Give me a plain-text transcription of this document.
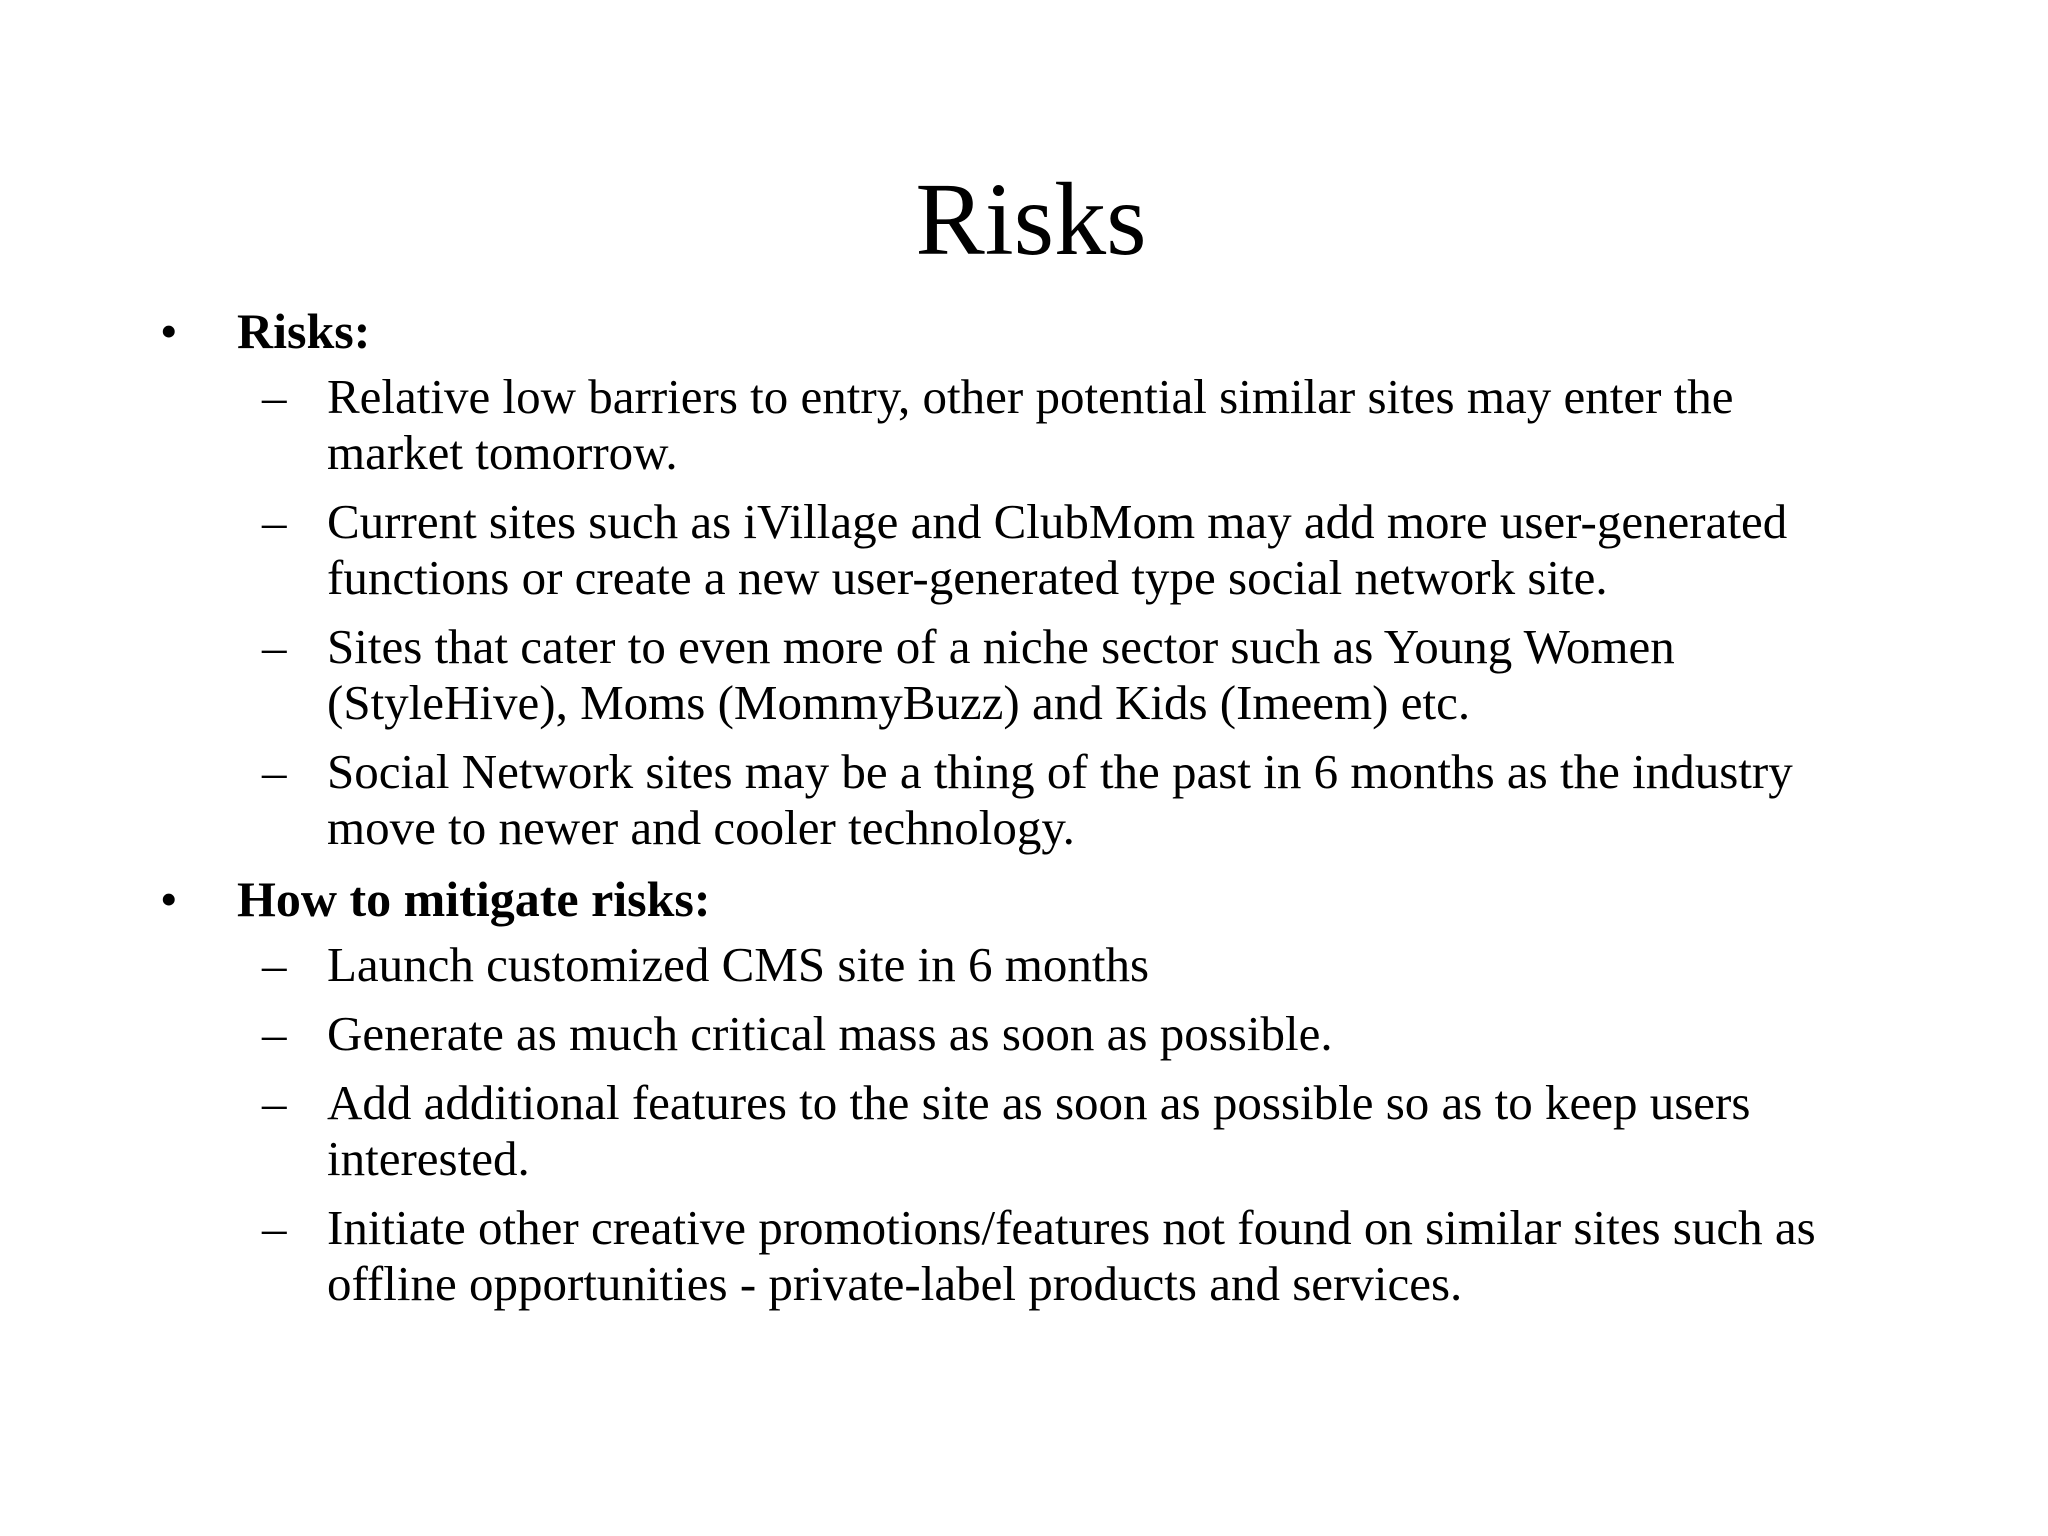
Risks
• Risks:
– Relative low barriers to entry, other potential similar sites may enter the market tomorrow.
– Current sites such as iVillage and ClubMom may add more user-generated functions or create a new user-generated type social network site.
– Sites that cater to even more of a niche sector such as Young Women (StyleHive), Moms (MommyBuzz) and Kids (Imeem) etc.
– Social Network sites may be a thing of the past in 6 months as the industry move to newer and cooler technology.
• How to mitigate risks:
– Launch customized CMS site in 6 months
– Generate as much critical mass as soon as possible.
– Add additional features to the site as soon as possible so as to keep users interested.
– Initiate other creative promotions/features not found on similar sites such as offline opportunities - private-label products and services.
